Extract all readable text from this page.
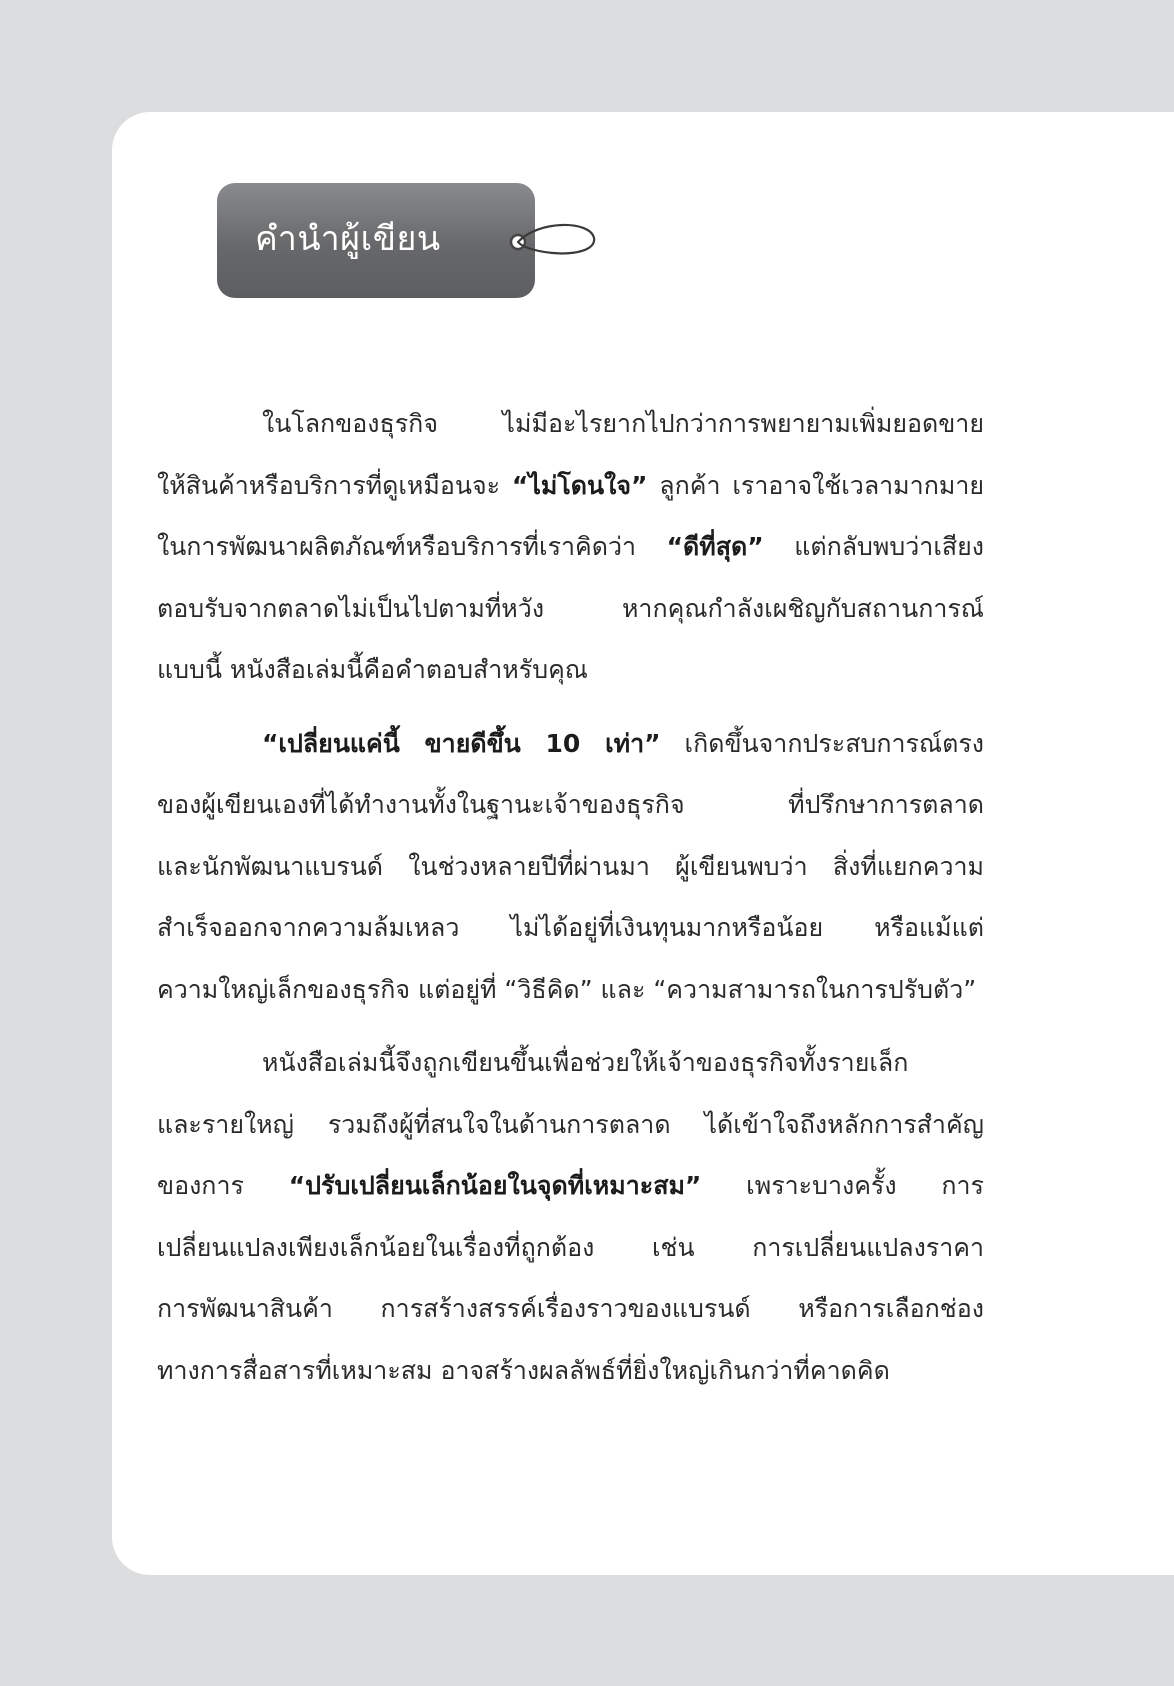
คำนำผู้เขียน
ในโลกของธุรกิจ ไม่มีอะไรยากไปกว่าการพยายามเพิ่มยอดขาย
ให้สินค้าหรือบริการที่ดูเหมือนจะ “ไม่โดนใจ” ลูกค้า เราอาจใช้เวลามากมาย
ในการพัฒนาผลิตภัณฑ์หรือบริการที่เราคิดว่า “ดีที่สุด” แต่กลับพบว่าเสียง
ตอบรับจากตลาดไม่เป็นไปตามที่หวัง หากคุณกำลังเผชิญกับสถานการณ์
แบบนี้ หนังสือเล่มนี้คือคำตอบสำหรับคุณ
“เปลี่ยนแค่นี้ ขายดีขึ้น 10 เท่า” เกิดขึ้นจากประสบการณ์ตรง
ของผู้เขียนเองที่ได้ทำงานทั้งในฐานะเจ้าของธุรกิจ ที่ปรึกษาการตลาด
และนักพัฒนาแบรนด์ ในช่วงหลายปีที่ผ่านมา ผู้เขียนพบว่า สิ่งที่แยกความ
สำเร็จออกจากความล้มเหลว ไม่ได้อยู่ที่เงินทุนมากหรือน้อย หรือแม้แต่
ความใหญ่เล็กของธุรกิจ แต่อยู่ที่ “วิธีคิด” และ “ความสามารถในการปรับตัว”
หนังสือเล่มนี้จึงถูกเขียนขึ้นเพื่อช่วยให้เจ้าของธุรกิจทั้งรายเล็ก
และรายใหญ่ รวมถึงผู้ที่สนใจในด้านการตลาด ได้เข้าใจถึงหลักการสำคัญ
ของการ “ปรับเปลี่ยนเล็กน้อยในจุดที่เหมาะสม” เพราะบางครั้ง การ
เปลี่ยนแปลงเพียงเล็กน้อยในเรื่องที่ถูกต้อง เช่น การเปลี่ยนแปลงราคา
การพัฒนาสินค้า การสร้างสรรค์เรื่องราวของแบรนด์ หรือการเลือกช่อง
ทางการสื่อสารที่เหมาะสม อาจสร้างผลลัพธ์ที่ยิ่งใหญ่เกินกว่าที่คาดคิด
